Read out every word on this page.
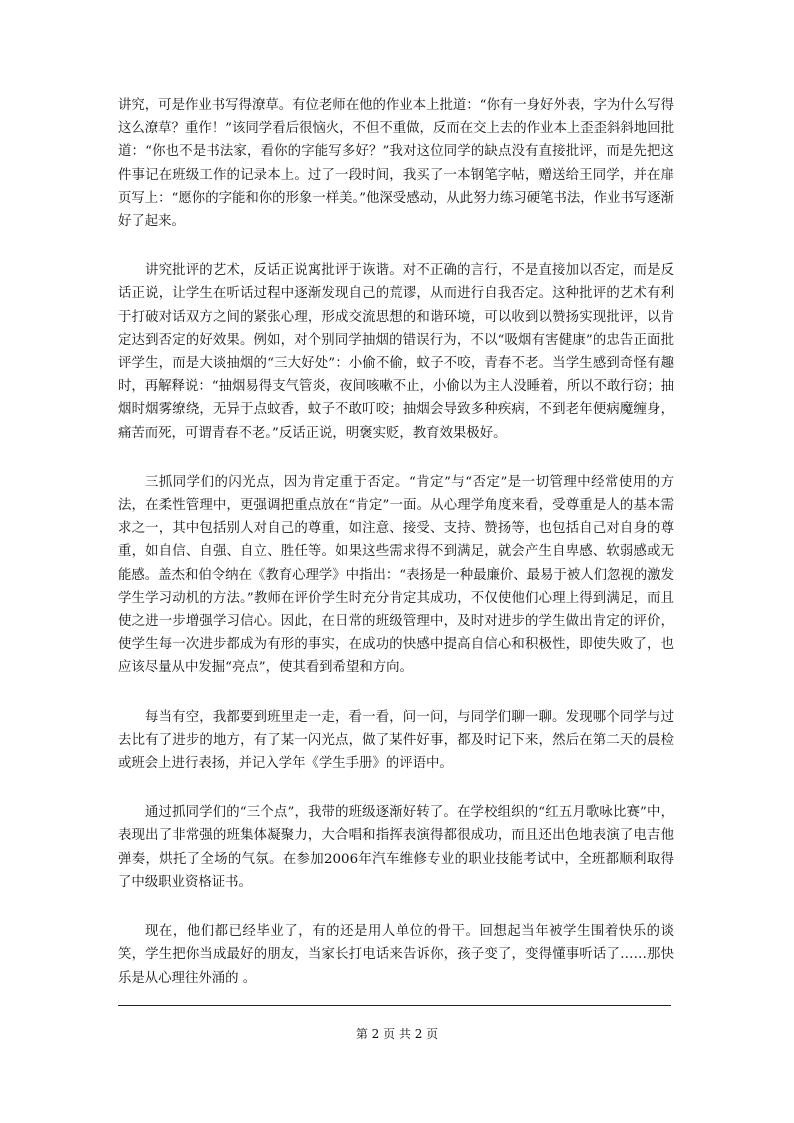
讲究，可是作业书写得潦草。有位老师在他的作业本上批道：“你有一身好外表，字为什么写得这么潦草？重作！”该同学看后很恼火，不但不重做，反而在交上去的作业本上歪歪斜斜地回批道：“你也不是书法家，看你的字能写多好？”我对这位同学的缺点没有直接批评，而是先把这件事记在班级工作的记录本上。过了一段时间，我买了一本钢笔字帖，赠送给王同学，并在扉页写上：“愿你的字能和你的形象一样美。”他深受感动，从此努力练习硬笔书法，作业书写逐渐好了起来。

讲究批评的艺术，反话正说寓批评于诙谐。对不正确的言行，不是直接加以否定，而是反话正说，让学生在听话过程中逐渐发现自己的荒谬，从而进行自我否定。这种批评的艺术有利于打破对话双方之间的紧张心理，形成交流思想的和谐环境，可以收到以赞扬实现批评，以肯定达到否定的好效果。例如，对个别同学抽烟的错误行为，不以“吸烟有害健康”的忠告正面批评学生，而是大谈抽烟的“三大好处”：小偷不偷，蚊子不咬，青春不老。当学生感到奇怪有趣时，再解释说：“抽烟易得支气管炎，夜间咳嗽不止，小偷以为主人没睡着，所以不敢行窃；抽烟时烟雾缭绕，无异于点蚊香，蚊子不敢叮咬；抽烟会导致多种疾病，不到老年便病魔缠身，痛苦而死，可谓青春不老。”反话正说，明褒实贬，教育效果极好。

三抓同学们的闪光点，因为肯定重于否定。“肯定”与“否定”是一切管理中经常使用的方法，在柔性管理中，更强调把重点放在“肯定”一面。从心理学角度来看，受尊重是人的基本需求之一，其中包括别人对自己的尊重，如注意、接受、支持、赞扬等，也包括自己对自身的尊重，如自信、自强、自立、胜任等。如果这些需求得不到满足，就会产生自卑感、软弱感或无能感。盖杰和伯令纳在《教育心理学》中指出：“表扬是一种最廉价、最易于被人们忽视的激发学生学习动机的方法。”教师在评价学生时充分肯定其成功，不仅使他们心理上得到满足，而且使之进一步增强学习信心。因此，在日常的班级管理中，及时对进步的学生做出肯定的评价，使学生每一次进步都成为有形的事实，在成功的快感中提高自信心和积极性，即使失败了，也应该尽量从中发掘“亮点”，使其看到希望和方向。

每当有空，我都要到班里走一走，看一看，问一问，与同学们聊一聊。发现哪个同学与过去比有了进步的地方，有了某一闪光点，做了某件好事，都及时记下来，然后在第二天的晨检或班会上进行表扬，并记入学年《学生手册》的评语中。

通过抓同学们的“三个点”，我带的班级逐渐好转了。在学校组织的“红五月歌咏比赛”中，表现出了非常强的班集体凝聚力，大合唱和指挥表演得都很成功，而且还出色地表演了电吉他弹奏，烘托了全场的气氛。在参加2006年汽车维修专业的职业技能考试中，全班都顺利取得了中级职业资格证书。

现在，他们都已经毕业了，有的还是用人单位的骨干。回想起当年被学生围着快乐的谈笑，学生把你当成最好的朋友，当家长打电话来告诉你，孩子变了，变得懂事听话了……那快乐是从心理往外涌的 。

第 2 页 共 2 页
